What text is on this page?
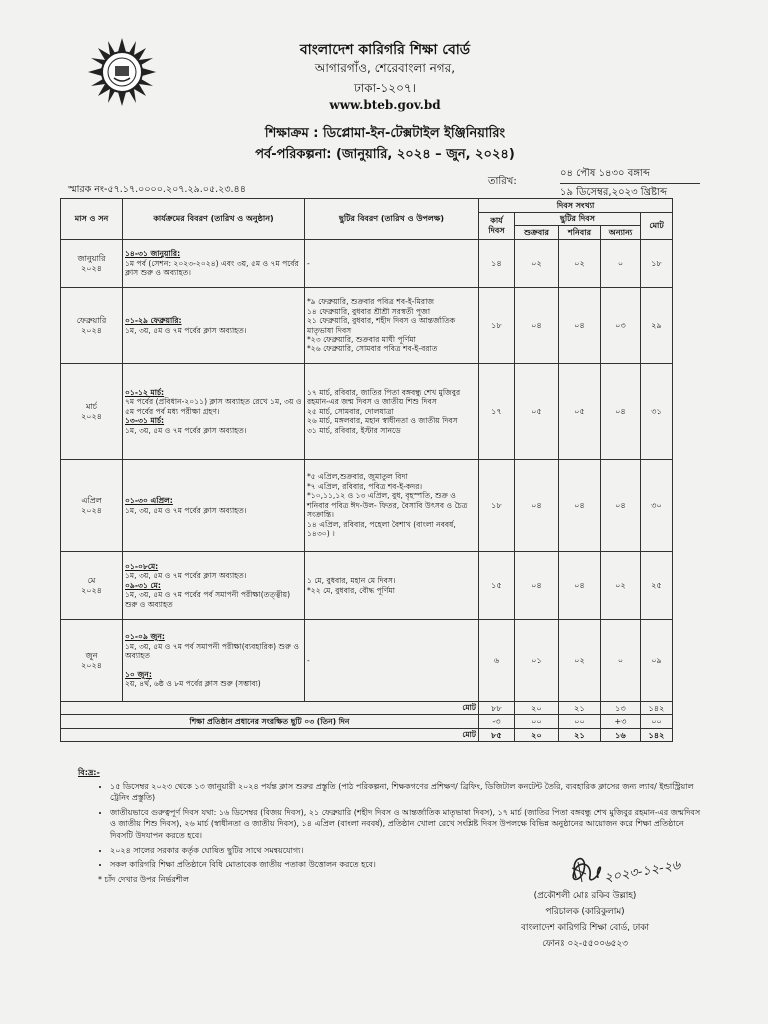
বাংলাদেশ কারিগরি শিক্ষা বোর্ড
আগারগাঁও, শেরেবাংলা নগর,
ঢাকা-১২০৭।
www.bteb.gov.bd
শিক্ষাক্রম : ডিপ্লোমা-ইন-টেক্সটাইল ইঞ্জিনিয়ারিং
পর্ব-পরিকল্পনা: (জানুয়ারি, ২০২৪ – জুন, ২০২৪)
তারিখ:
০৪ পৌষ ১৪৩০ বঙ্গাব্দ
১৯ ডিসেম্বর,২০২৩ খ্রিষ্টাব্দ
স্মারক নং-৫৭.১৭.০০০০.২০৭.২৯.০৫.২৩.৪৪
মাস ও সন	কার্যক্রমের বিবরণ (তারিখ ও অনুষ্ঠান)	ছুটির বিবরণ (তারিখ ও উপলক্ষ)	দিবস সংখ্যা				
			কার্য দিবস	ছুটির দিবস			মোট
				শুক্রবার	শনিবার	অন্যান্য	
জানুয়ারি
২০২৪	১৪-৩১ জানুয়ারি:
১ম পর্ব (সেশন: ২০২৩-২০২৪) এবং ৩য়, ৫ম ও ৭ম পর্বের ক্লাস শুরু ও অব্যাহত।	-	১৪	০২	০২	০	১৮
ফেব্রুয়ারি
২০২৪	০১-২৯ ফেব্রুয়ারি:
১ম, ৩য়, ৫ম ও ৭ম পর্বের ক্লাস অব্যাহত।	*৯ ফেব্রুয়ারি, শুক্রবার পবিত্র শব-ই-মিরাজ
১৪ ফেব্রুয়ারি, বুধবার শ্রীশ্রী সরস্বতী পূজা
২১ ফেব্রুয়ারি, বুধবার, শহীদ দিবস ও আন্তর্জাতিক মাতৃভাষা দিবস
*২৩ ফেব্রুয়ারি, শুক্রবার মাঘী পূর্ণিমা
*২৬ ফেব্রুয়ারি, সোমবার পবিত্র শব-ই-বরাত	১৮	০৪	০৪	০৩	২৯
মার্চ
২০২৪	০১-১২ মার্চ:
৭ম পর্বের (প্রবিধান-২০১১) ক্লাস অব্যাহত রেখে ১ম, ৩য় ও ৫ম পর্বের পর্ব মধ্য পরীক্ষা গ্রহণ।
১৩-৩১ মার্চ:
১ম, ৩য়, ৫ম ও ৭ম পর্বের ক্লাস অব্যাহত।	১৭ মার্চ, রবিবার, জাতির পিতা বঙ্গবন্ধু শেখ মুজিবুর রহমান-এর জন্ম দিবস ও জাতীয় শিশু দিবস
২৫ মার্চ, সোমবার, দোলযাত্রা
২৬ মার্চ, মঙ্গলবার, মহান স্বাধীনতা ও জাতীয় দিবস
৩১ মার্চ, রবিবার, ইস্টার সানডে	১৭	০৫	০৫	০৪	৩১
এপ্রিল
২০২৪	০১-৩০ এপ্রিল:
১ম, ৩য়, ৫ম ও ৭ম পর্বের ক্লাস অব্যাহত।	*৫ এপ্রিল,শুক্রবার, জুমাতুল বিদা
*৭ এপ্রিল, রবিবার, পবিত্র শব-ই-কদর।
*১০,১১,১২ ও ১৩ এপ্রিল, বুধ, বৃহস্পতি, শুক্র ও শনিবার পবিত্র ঈদ-উল- ফিতর, বৈসাবি উৎসব ও চৈত্র সংক্রান্তি।
১৪ এপ্রিল, রবিবার, পহেলা বৈশাখ (বাংলা নববর্ষ, ১৪৩০) ।	১৮	০৪	০৪	০৪	৩০
মে
২০২৪	০১-০৮মে:
১ম, ৩য়, ৫ম ও ৭ম পর্বের ক্লাস অব্যাহত।
০৯-৩১ মে:
১ম, ৩য়, ৫ম ও ৭ম পর্বের পর্ব সমাপনী পরীক্ষা(তত্ত্বীয়) শুরু ও অব্যাহত	১ মে, বুধবার, মহান মে দিবস।
*২২ মে, বুধবার, বৌদ্ধ পূর্ণিমা	১৫	০৪	০৪	০২	২৫
জুন
২০২৪	০১-০৯ জুন:
১ম, ৩য়, ৫ম ও ৭ম পর্ব সমাপনী পরীক্ষা(ব্যবহারিক) শুরু ও অব্যাহত

১০ জুন:
২য়, ৪র্থ, ৬ষ্ঠ ও ৮ম পর্বের ক্লাস শুরু (সম্ভাব্য)	-	৬	০১	০২	০	০৯
মোট			৮৮	২০	২১	১৩	১৪২
শিক্ষা প্রতিষ্ঠান প্রধানের সংরক্ষিত ছুটি ০৩ (তিন) দিন			-৩	০০	০০	+৩	০০
মোট			৮৫	২০	২১	১৬	১৪২
বি:দ্র:-
• ১৫ ডিসেম্বর ২০২৩ থেকে ১৩ জানুয়ারী ২০২৪ পর্যন্ত ক্লাস শুরুর প্রস্তুতি (পাঠ পরিকল্পনা, শিক্ষকগণের প্রশিক্ষণ/ ব্রিফিং, ডিজিটাল কনটেন্ট তৈরি, ব্যবহারিক ক্লাসের জন্য ল্যাব/ ইন্ডাস্ট্রিয়াল ট্রেনিং প্রস্তুতি)
• জাতীয়ভাবে গুরুত্বপূর্ণ দিবস যথা: ১৬ ডিসেম্বর (বিজয় দিবস), ২১ ফেব্রুয়ারি (শহীদ দিবস ও আন্তর্জাতিক মাতৃভাষা দিবস), ১৭ মার্চ (জাতির পিতা বঙ্গবন্ধু শেখ মুজিবুর রহমান-এর জন্মদিবস ও জাতীয় শিশু দিবস), ২৬ মার্চ (স্বাধীনতা ও জাতীয় দিবস), ১৪ এপ্রিল (বাংলা নববর্ষ), প্রতিষ্ঠান খোলা রেখে সংশ্লিষ্ট দিবস উপলক্ষে বিভিন্ন অনুষ্ঠানের আয়োজন করে শিক্ষা প্রতিষ্ঠানে দিবসটি উদযাপন করতে হবে।
• ২০২৪ সালের সরকার কর্তৃক ঘোষিত ছুটির সাথে সমন্বয়যোগ্য।
• সকল কারিগরি শিক্ষা প্রতিষ্ঠানে বিধি মোতাবেক জাতীয় পতাকা উত্তোলন করতে হবে।
* চাঁদ দেখার উপর নির্ভরশীল	২০২৩-১২-২৬
(প্রকৌশলী মোঃ রকিব উল্লাহ)
পরিচালক (কারিকুলাম)
বাংলাদেশ কারিগরি শিক্ষা বোর্ড, ঢাকা
ফোনঃ ০২-৫৫০০৬৫২৩
